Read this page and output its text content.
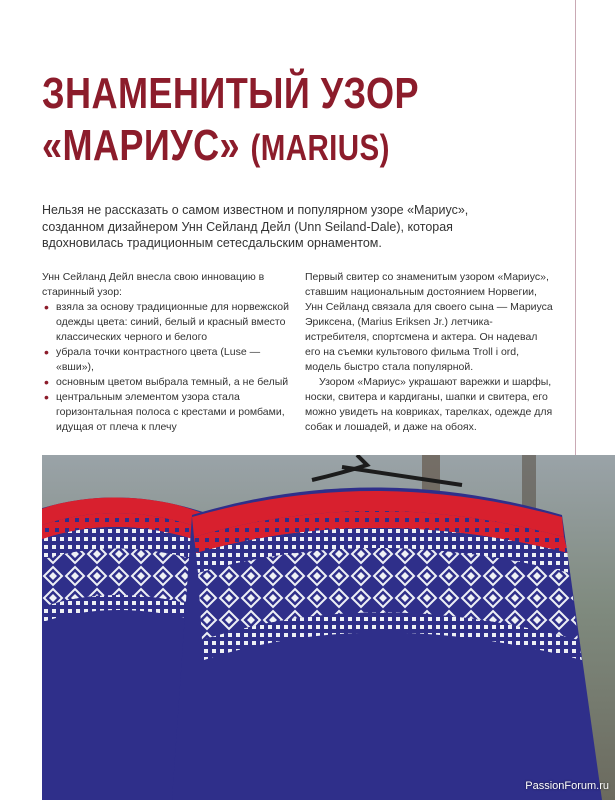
ЗНАМЕНИТЫЙ УЗОР
«МАРИУС» (MARIUS)

Нельзя не рассказать о самом известном и популярном узоре «Мариус», созданном дизайнером Унн Сейланд Дейл (Unn Seiland-Dale), которая вдохновилась традиционным сетесдальским орнаментом.

Унн Сейланд Дейл внесла свою инновацию в старинный узор:

• взяла за основу традиционные для норвежской одежды цвета: синий, белый и красный вместо классических черного и белого
• убрала точки контрастного цвета (Luse — «вши»),
• основным цветом выбрала темный, а не белый
• центральным элементом узора стала горизонтальная полоса с крестами и ромбами, идущая от плеча к плечу

Первый свитер со знаменитым узором «Мариус», ставшим национальным достоянием Норвегии, Унн Сейланд связала для своего сына — Мариуса Эриксена, (Marius Eriksen Jr.) летчика-истребителя, спортсмена и актера. Он надевал его на съемки культового фильма Troll i ord, модель быстро стала популярной.

Узором «Мариус» украшают варежки и шарфы, носки, свитера и кардиганы, шапки и свитера, его можно увидеть на ковриках, тарелках, одежде для собак и лошадей, и даже на обоях.

PassionForum.ru
